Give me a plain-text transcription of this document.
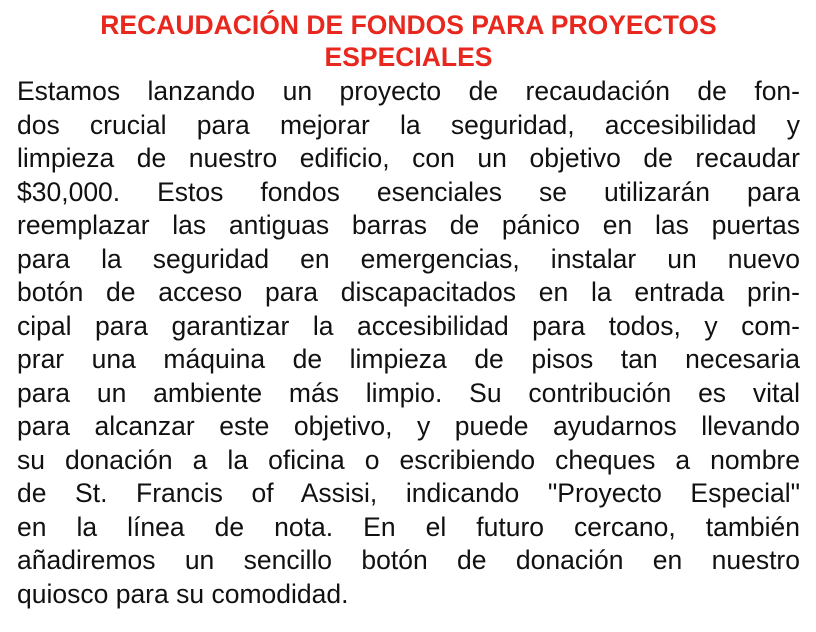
RECAUDACIÓN DE FONDOS PARA PROYECTOS
ESPECIALES
Estamos lanzando un proyecto de recaudación de fon-
dos crucial para mejorar la seguridad, accesibilidad y
limpieza de nuestro edificio, con un objetivo de recaudar
$30,000. Estos fondos esenciales se utilizarán para
reemplazar las antiguas barras de pánico en las puertas
para la seguridad en emergencias, instalar un nuevo
botón de acceso para discapacitados en la entrada prin-
cipal para garantizar la accesibilidad para todos, y com-
prar una máquina de limpieza de pisos tan necesaria
para un ambiente más limpio. Su contribución es vital
para alcanzar este objetivo, y puede ayudarnos llevando
su donación a la oficina o escribiendo cheques a nombre
de St. Francis of Assisi, indicando "Proyecto Especial"
en la línea de nota. En el futuro cercano, también
añadiremos un sencillo botón de donación en nuestro
quiosco para su comodidad.
